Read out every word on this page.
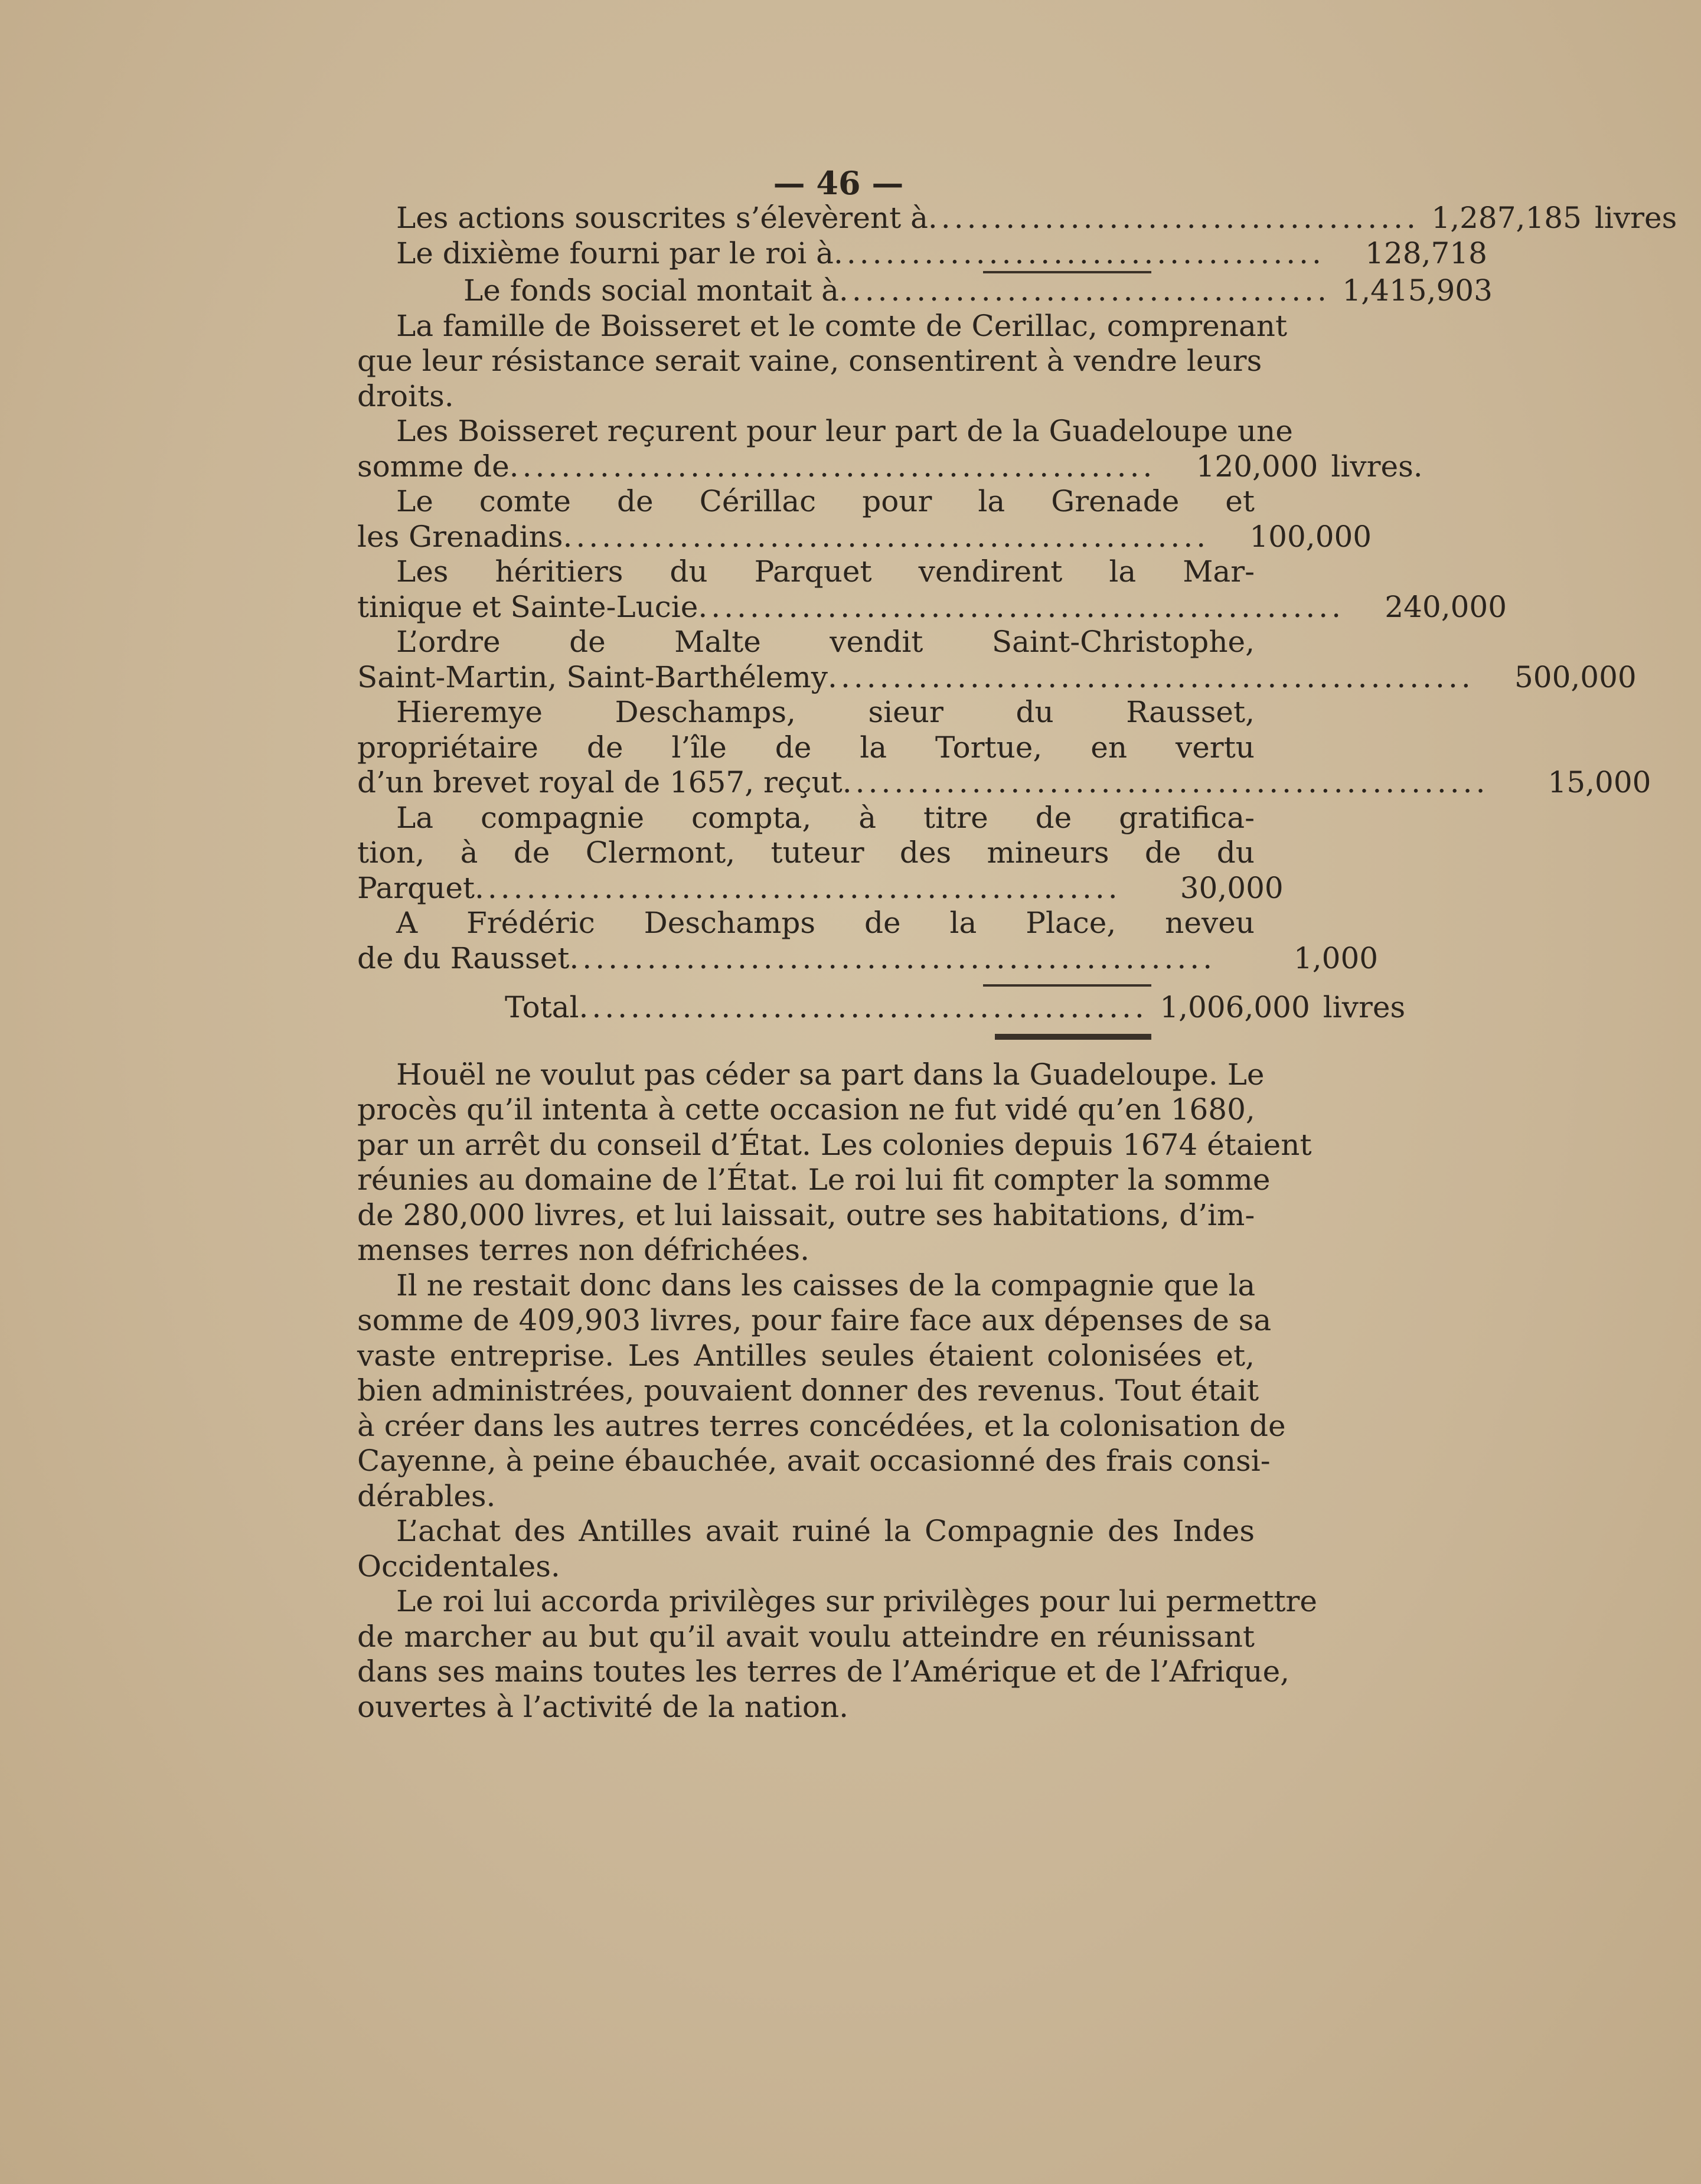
— 46 —
Les actions souscrites s’élevèrent à ...................................... 1,287,185 livres
Le dixième fourni par le roi à ......................................	128,718
Le fonds social montait à ...................................... 1,415,903
La famille de Boisseret et le comte de Cerillac, comprenant
que leur résistance serait vaine, consentirent à vendre leurs
droits.
Les Boisseret reçurent pour leur part de la Guadeloupe une
somme de ..................................................	120,000 livres.
Le comte de Cérillac pour la Grenade et
les Grenadins ..................................................	100,000
Les héritiers du Parquet vendirent la Mar-
tinique et Sainte-Lucie ..................................................	240,000
L’ordre de Malte vendit Saint-Christophe,
Saint-Martin, Saint-Barthélemy ..................................................	500,000
Hieremye Deschamps, sieur du Rausset,
propriétaire de l’île de la Tortue, en vertu
d’un brevet royal de 1657, reçut ..................................................	15,000
La compagnie compta, à titre de gratifica-
tion, à de Clermont, tuteur des mineurs de du
Parquet ..................................................	30,000
A Frédéric Deschamps de la Place, neveu
de du Rausset ..................................................	1,000
Total ............................................ 1,006,000 livres
Houël ne voulut pas céder sa part dans la Guadeloupe. Le
procès qu’il intenta à cette occasion ne fut vidé qu’en 1680,
par un arrêt du conseil d’État. Les colonies depuis 1674 étaient
réunies au domaine de l’État. Le roi lui fit compter la somme
de 280,000 livres, et lui laissait, outre ses habitations, d’im-
menses terres non défrichées.
Il ne restait donc dans les caisses de la compagnie que la
somme de 409,903 livres, pour faire face aux dépenses de sa
vaste entreprise. Les Antilles seules étaient colonisées et,
bien administrées, pouvaient donner des revenus. Tout était
à créer dans les autres terres concédées, et la colonisation de
Cayenne, à peine ébauchée, avait occasionné des frais consi-
dérables.
L’achat des Antilles avait ruiné la Compagnie des Indes
Occidentales.
Le roi lui accorda privilèges sur privilèges pour lui permettre
de marcher au but qu’il avait voulu atteindre en réunissant
dans ses mains toutes les terres de l’Amérique et de l’Afrique,
ouvertes à l’activité de la nation.
